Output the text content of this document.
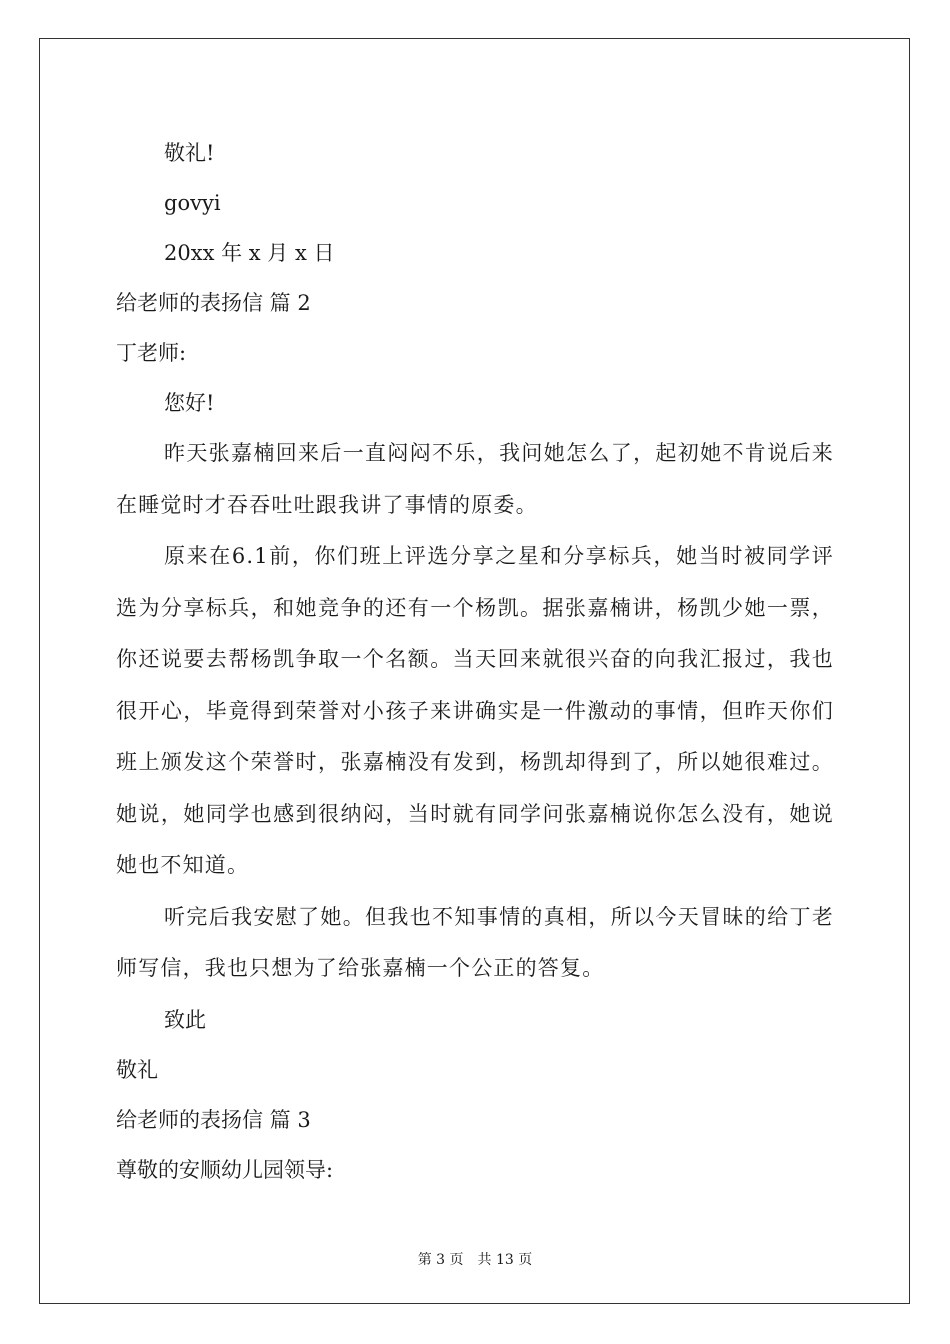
敬礼!

govyi

20xx 年 x 月 x 日

给老师的表扬信 篇 2

丁老师:

您好!

昨天张嘉楠回来后一直闷闷不乐，我问她怎么了，起初她不肯说后来在睡觉时才吞吞吐吐跟我讲了事情的原委。

原来在6.1前，你们班上评选分享之星和分享标兵，她当时被同学评选为分享标兵，和她竞争的还有一个杨凯。据张嘉楠讲，杨凯少她一票，你还说要去帮杨凯争取一个名额。当天回来就很兴奋的向我汇报过，我也很开心，毕竟得到荣誉对小孩子来讲确实是一件激动的事情，但昨天你们班上颁发这个荣誉时，张嘉楠没有发到，杨凯却得到了，所以她很难过。她说，她同学也感到很纳闷，当时就有同学问张嘉楠说你怎么没有，她说她也不知道。

听完后我安慰了她。但我也不知事情的真相，所以今天冒昧的给丁老师写信，我也只想为了给张嘉楠一个公正的答复。

致此

敬礼

给老师的表扬信 篇 3

尊敬的安顺幼儿园领导:

第 3 页 共 13 页
